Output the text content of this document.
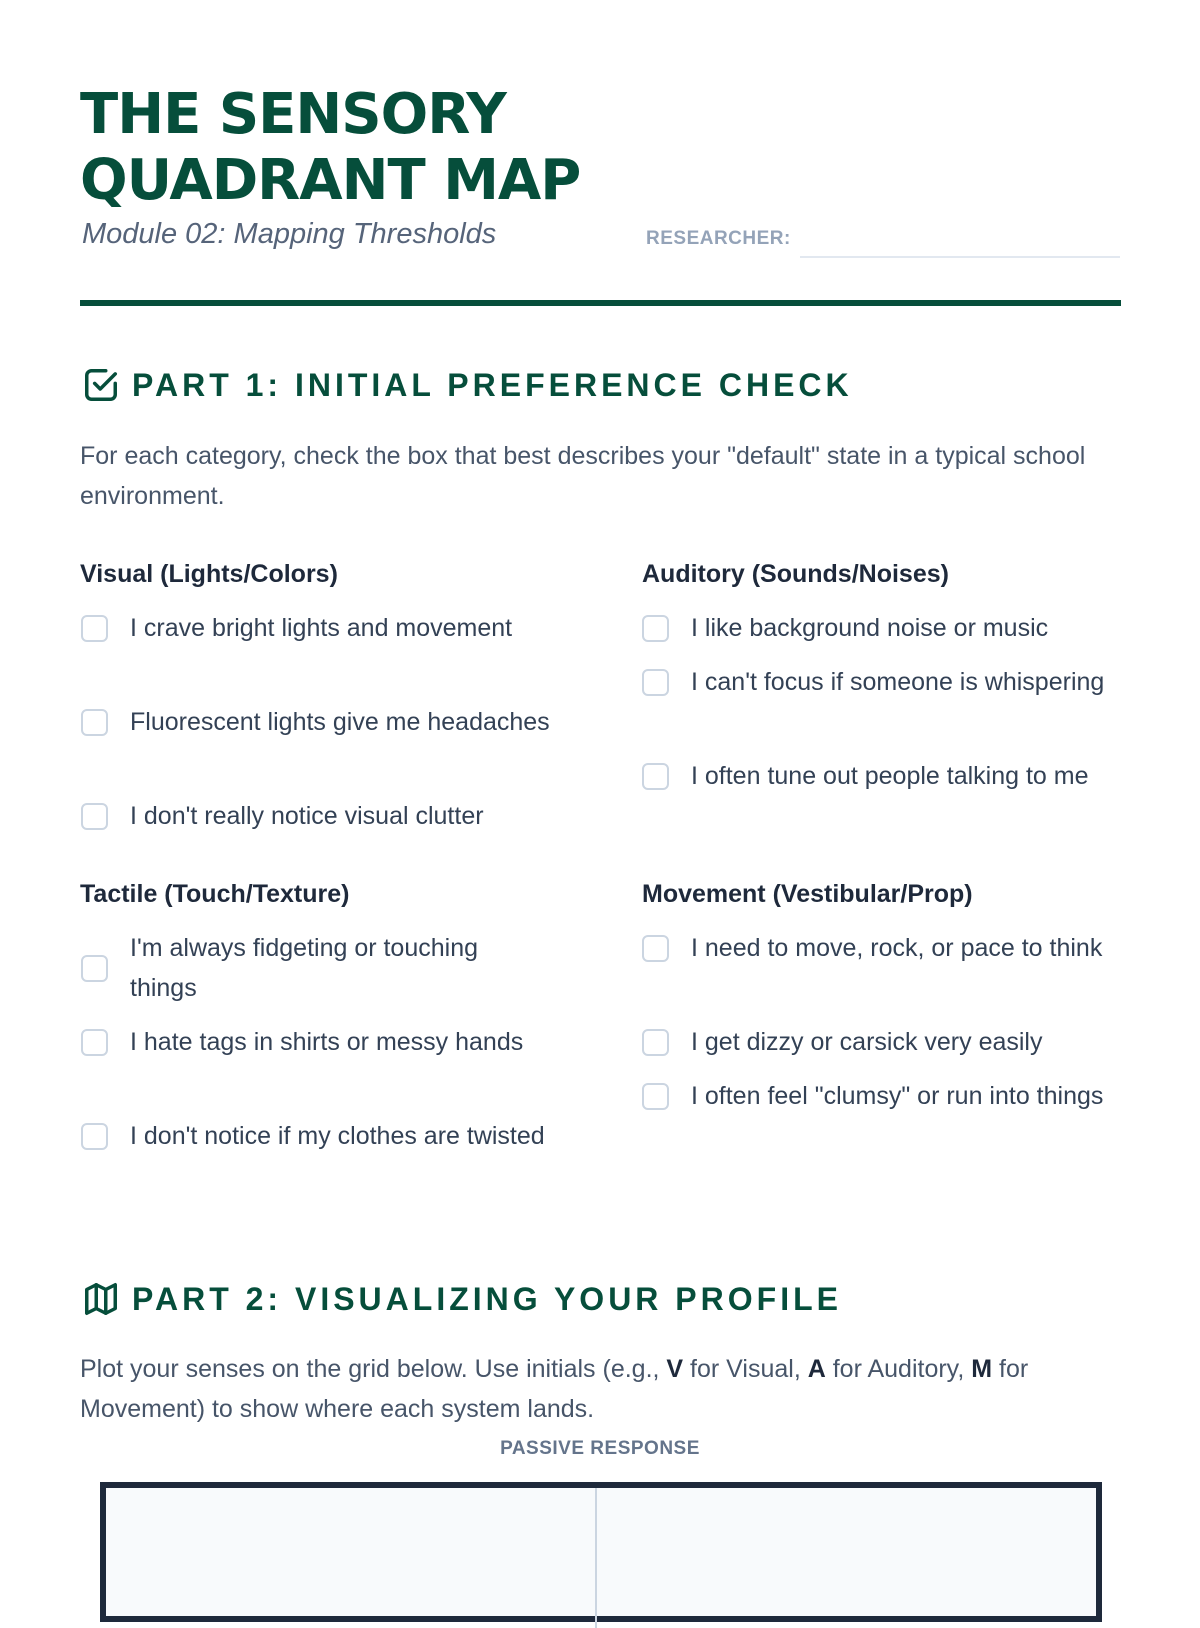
THE SENSORY QUADRANT MAP
Module 02: Mapping Thresholds	RESEARCHER:
PART 1: INITIAL PREFERENCE CHECK

For each category, check the box that best describes your "default" state in a typical school environment.

Visual (Lights/Colors)
I crave bright lights and movement
Fluorescent lights give me headaches
I don't really notice visual clutter
Auditory (Sounds/Noises)
I like background noise or music
I can't focus if someone is whispering
I often tune out people talking to me
Tactile (Touch/Texture)
I'm always fidgeting or touching things
I hate tags in shirts or messy hands
I don't notice if my clothes are twisted
Movement (Vestibular/Prop)
I need to move, rock, or pace to think
I get dizzy or carsick very easily
I often feel "clumsy" or run into things
PART 2: VISUALIZING YOUR PROFILE

Plot your senses on the grid below. Use initials (e.g., V for Visual, A for Auditory, M for Movement) to show where each system lands.

PASSIVE RESPONSE
